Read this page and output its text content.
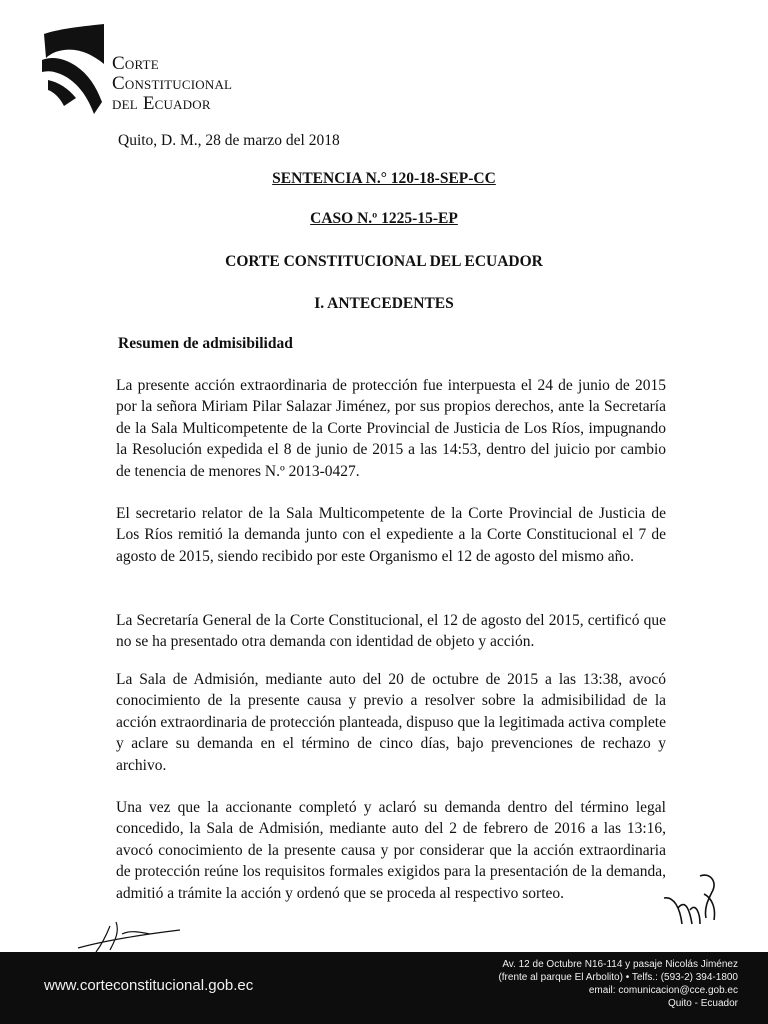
Corte
Constitucional
del Ecuador
Quito, D. M., 28 de marzo del 2018
SENTENCIA N.° 120-18-SEP-CC
CASO N.º 1225-15-EP
CORTE CONSTITUCIONAL DEL ECUADOR
I. ANTECEDENTES
Resumen de admisibilidad
La presente acción extraordinaria de protección fue interpuesta el 24 de junio de 2015 por la señora Miriam Pilar Salazar Jiménez, por sus propios derechos, ante la Secretaría de la Sala Multicompetente de la Corte Provincial de Justicia de Los Ríos, impugnando la Resolución expedida el 8 de junio de 2015 a las 14:53, dentro del juicio por cambio de tenencia de menores N.º 2013-0427.
El secretario relator de la Sala Multicompetente de la Corte Provincial de Justicia de Los Ríos remitió la demanda junto con el expediente a la Corte Constitucional el 7 de agosto de 2015, siendo recibido por este Organismo el 12 de agosto del mismo año.
La Secretaría General de la Corte Constitucional, el 12 de agosto del 2015, certificó que no se ha presentado otra demanda con identidad de objeto y acción.
La Sala de Admisión, mediante auto del 20 de octubre de 2015 a las 13:38, avocó conocimiento de la presente causa y previo a resolver sobre la admisibilidad de la acción extraordinaria de protección planteada, dispuso que la legitimada activa complete y aclare su demanda en el término de cinco días, bajo prevenciones de rechazo y archivo.
Una vez que la accionante completó y aclaró su demanda dentro del término legal concedido, la Sala de Admisión, mediante auto del 2 de febrero de 2016 a las 13:16, avocó conocimiento de la presente causa y por considerar que la acción extraordinaria de protección reúne los requisitos formales exigidos para la presentación de la demanda, admitió a trámite la acción y ordenó que se proceda al respectivo sorteo.
www.corteconstitucional.gob.ec
Av. 12 de Octubre N16-114 y pasaje Nicolás Jiménez
(frente al parque El Arbolito) • Telfs.: (593-2) 394-1800
email: comunicacion@cce.gob.ec
Quito - Ecuador
